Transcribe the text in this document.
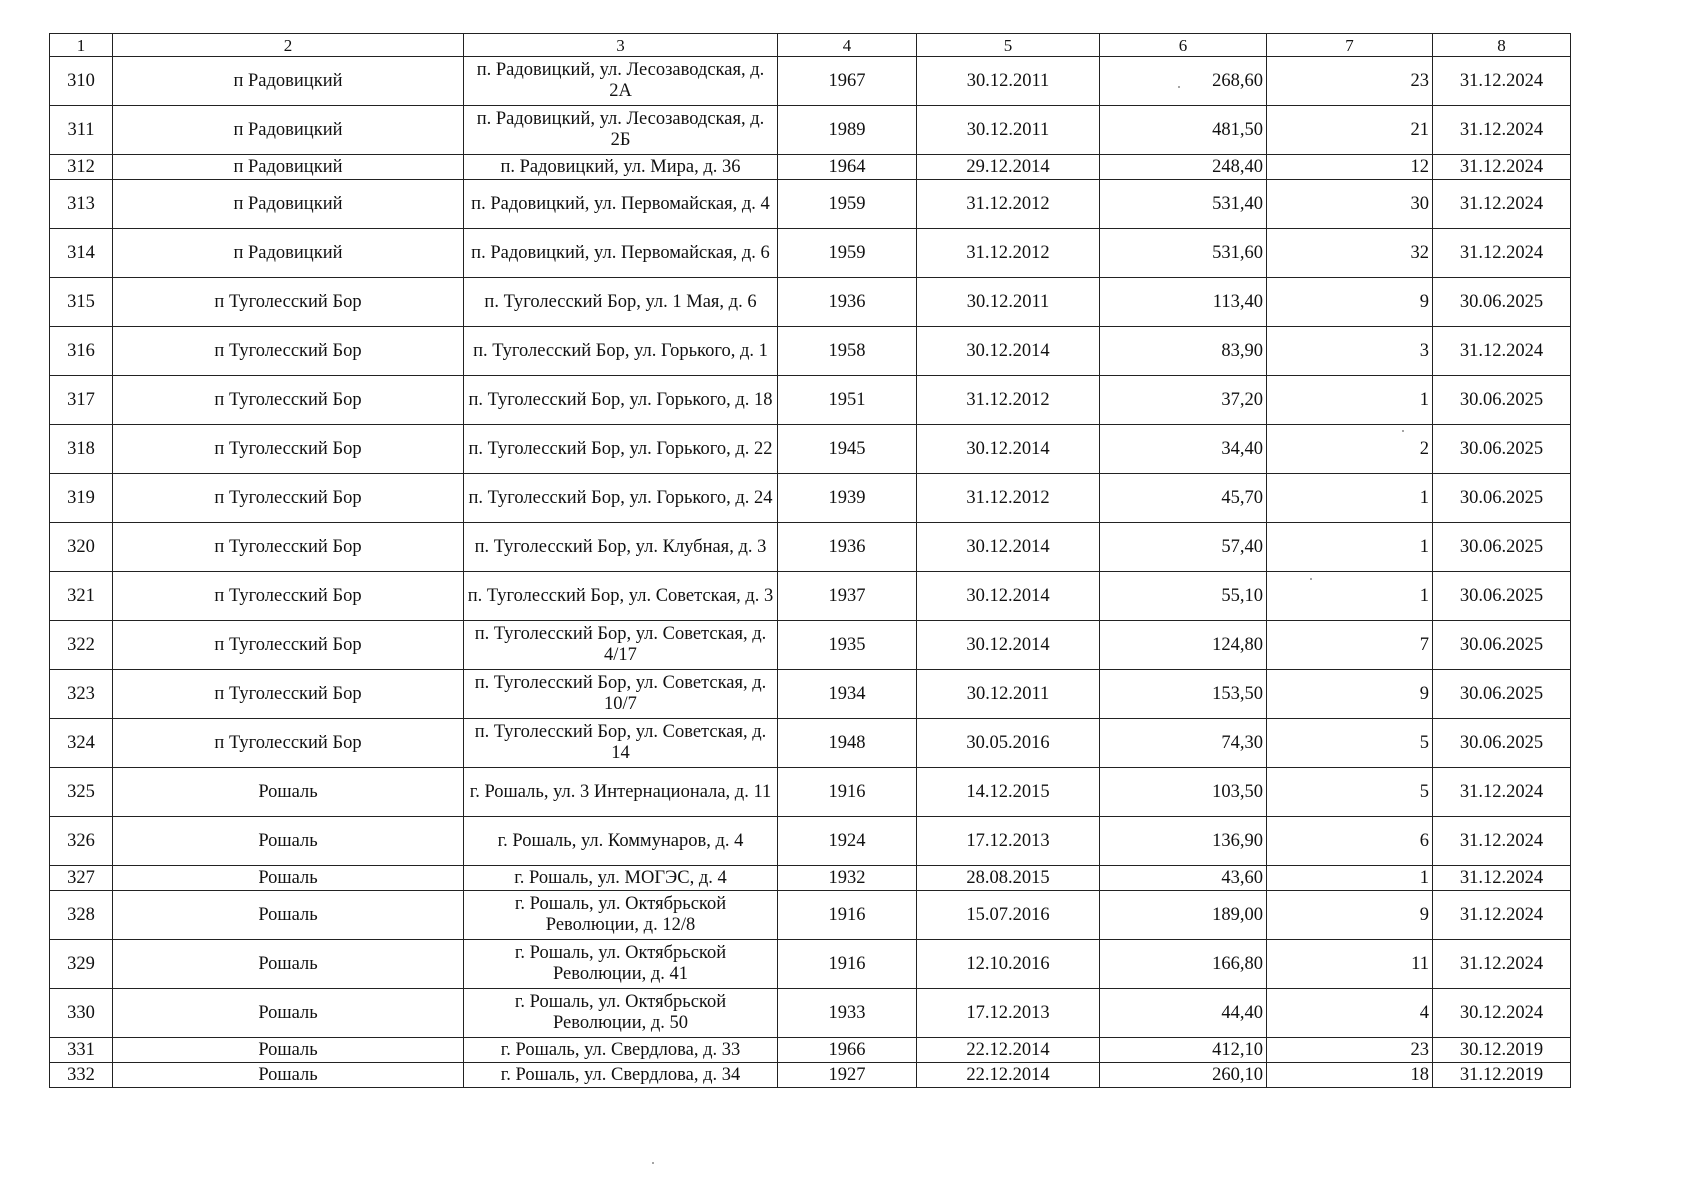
1	2	3	4	5	6	7	8
310	п Радовицкий	п. Радовицкий, ул. Лесозаводская, д. 2А	1967	30.12.2011	268,60	23	31.12.2024
311	п Радовицкий	п. Радовицкий, ул. Лесозаводская, д. 2Б	1989	30.12.2011	481,50	21	31.12.2024
312	п Радовицкий	п. Радовицкий, ул. Мира, д. 36	1964	29.12.2014	248,40	12	31.12.2024
313	п Радовицкий	п. Радовицкий, ул. Первомайская, д. 4	1959	31.12.2012	531,40	30	31.12.2024
314	п Радовицкий	п. Радовицкий, ул. Первомайская, д. 6	1959	31.12.2012	531,60	32	31.12.2024
315	п Туголесский Бор	п. Туголесский Бор, ул. 1 Мая, д. 6	1936	30.12.2011	113,40	9	30.06.2025
316	п Туголесский Бор	п. Туголесский Бор, ул. Горького, д. 1	1958	30.12.2014	83,90	3	31.12.2024
317	п Туголесский Бор	п. Туголесский Бор, ул. Горького, д. 18	1951	31.12.2012	37,20	1	30.06.2025
318	п Туголесский Бор	п. Туголесский Бор, ул. Горького, д. 22	1945	30.12.2014	34,40	2	30.06.2025
319	п Туголесский Бор	п. Туголесский Бор, ул. Горького, д. 24	1939	31.12.2012	45,70	1	30.06.2025
320	п Туголесский Бор	п. Туголесский Бор, ул. Клубная, д. 3	1936	30.12.2014	57,40	1	30.06.2025
321	п Туголесский Бор	п. Туголесский Бор, ул. Советская, д. 3	1937	30.12.2014	55,10	1	30.06.2025
322	п Туголесский Бор	п. Туголесский Бор, ул. Советская, д. 4/17	1935	30.12.2014	124,80	7	30.06.2025
323	п Туголесский Бор	п. Туголесский Бор, ул. Советская, д. 10/7	1934	30.12.2011	153,50	9	30.06.2025
324	п Туголесский Бор	п. Туголесский Бор, ул. Советская, д. 14	1948	30.05.2016	74,30	5	30.06.2025
325	Рошаль	г. Рошаль, ул. 3 Интернационала, д. 11	1916	14.12.2015	103,50	5	31.12.2024
326	Рошаль	г. Рошаль, ул. Коммунаров, д. 4	1924	17.12.2013	136,90	6	31.12.2024
327	Рошаль	г. Рошаль, ул. МОГЭС, д. 4	1932	28.08.2015	43,60	1	31.12.2024
328	Рошаль	г. Рошаль, ул. Октябрьской Революции, д. 12/8	1916	15.07.2016	189,00	9	31.12.2024
329	Рошаль	г. Рошаль, ул. Октябрьской Революции, д. 41	1916	12.10.2016	166,80	11	31.12.2024
330	Рошаль	г. Рошаль, ул. Октябрьской Революции, д. 50	1933	17.12.2013	44,40	4	30.12.2024
331	Рошаль	г. Рошаль, ул. Свердлова, д. 33	1966	22.12.2014	412,10	23	30.12.2019
332	Рошаль	г. Рошаль, ул. Свердлова, д. 34	1927	22.12.2014	260,10	18	31.12.2019
